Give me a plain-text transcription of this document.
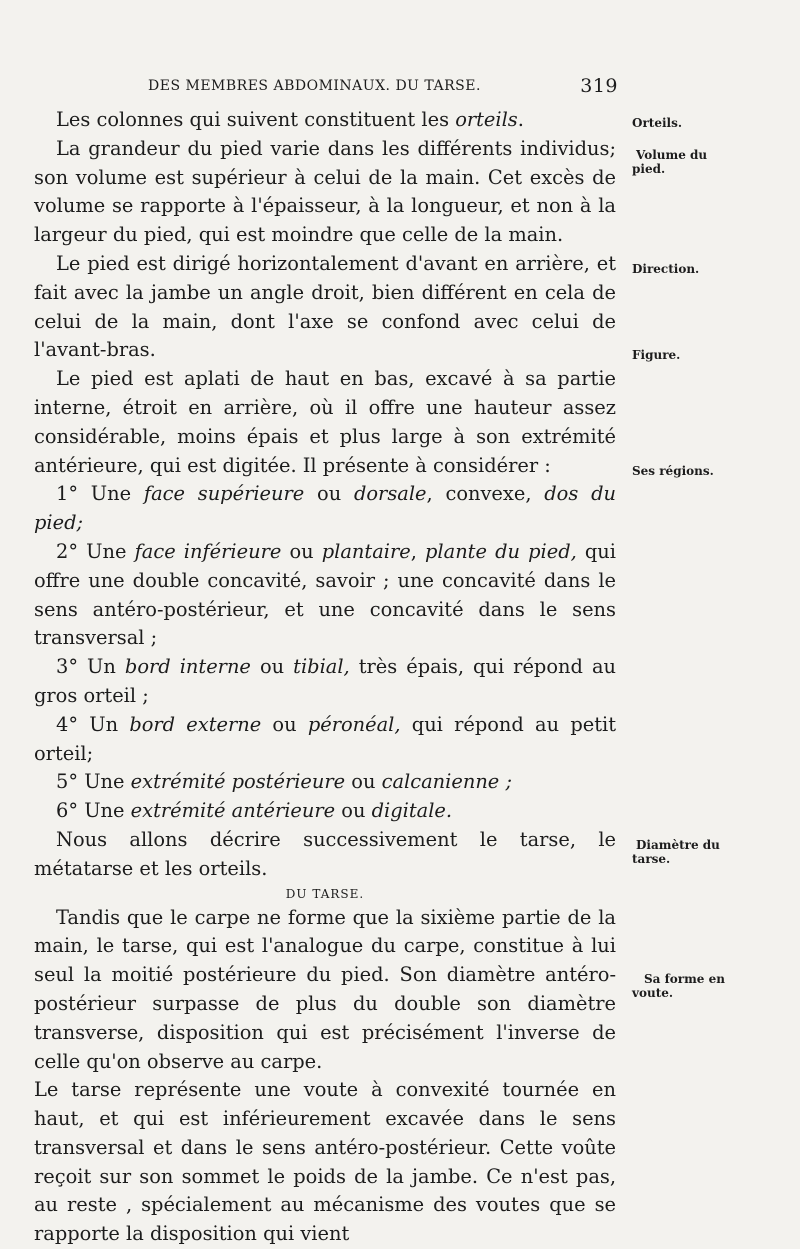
DES MEMBRES ABDOMINAUX. DU TARSE.	319

Les colonnes qui suivent constituent les orteils.

La grandeur du pied varie dans les différents individus; son volume est supérieur à celui de la main. Cet excès de volume se rapporte à l'épaisseur, à la longueur, et non à la largeur du pied, qui est moindre que celle de la main.

Le pied est dirigé horizontalement d'avant en arrière, et fait avec la jambe un angle droit, bien différent en cela de celui de la main, dont l'axe se confond avec celui de l'avant-bras.

Le pied est aplati de haut en bas, excavé à sa partie interne, étroit en arrière, où il offre une hauteur assez considérable, moins épais et plus large à son extrémité antérieure, qui est digitée. Il présente à considérer :

1° Une face supérieure ou dorsale, convexe, dos du pied;

2° Une face inférieure ou plantaire, plante du pied, qui offre une double concavité, savoir ; une concavité dans le sens antéro-postérieur, et une concavité dans le sens transversal ;

3° Un bord interne ou tibial, très épais, qui répond au gros orteil ;

4° Un bord externe ou péronéal, qui répond au petit orteil;

5° Une extrémité postérieure ou calcanienne ;

6° Une extrémité antérieure ou digitale.

Nous allons décrire successivement le tarse, le métatarse et les orteils.

DU TARSE.

Tandis que le carpe ne forme que la sixième partie de la main, le tarse, qui est l'analogue du carpe, constitue à lui seul la moitié postérieure du pied. Son diamètre antéro-postérieur surpasse de plus du double son diamètre transverse, disposition qui est précisément l'inverse de celle qu'on observe au carpe.

Le tarse représente une voute à convexité tournée en haut, et qui est inférieurement excavée dans le sens transversal et dans le sens antéro-postérieur. Cette voûte reçoit sur son sommet le poids de la jambe. Ce n'est pas, au reste , spécialement au mécanisme des voutes que se rapporte la disposition qui vient

Orteils.
Volume du
pied.
Direction.
Figure.
Ses régions.
Diamètre du
tarse.
Sa forme en
voute.
